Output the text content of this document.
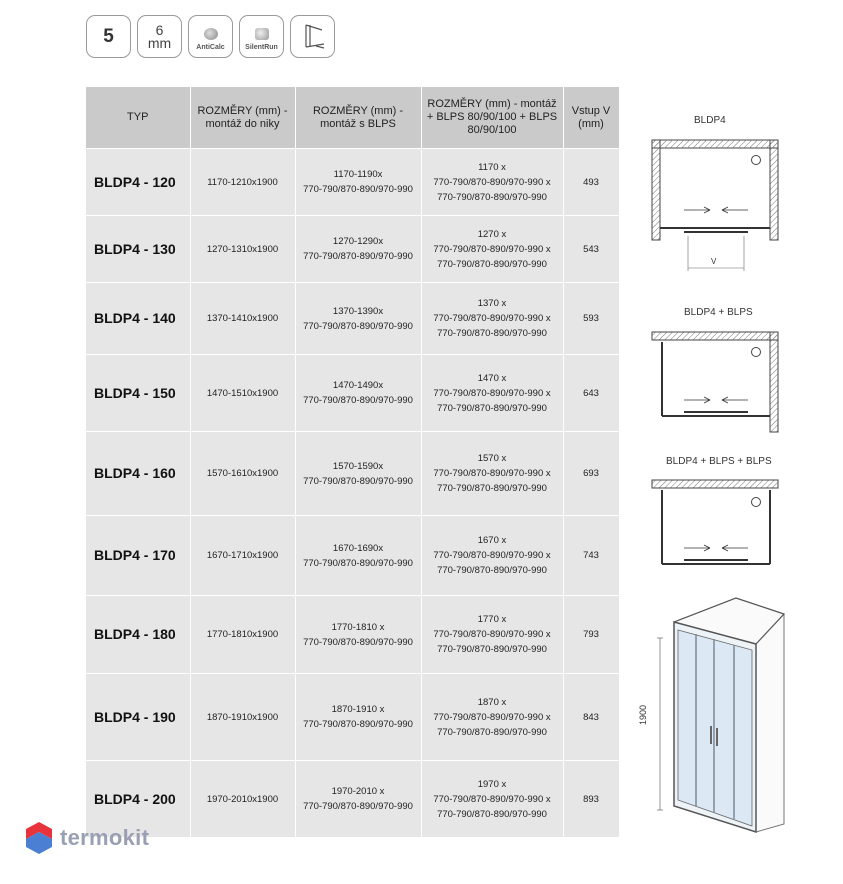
5	6
mm	AntiCalc	SilentRun
TYP	ROZMĚRY (mm) - montáž do niky	ROZMĚRY (mm) - montáž s BLPS	ROZMĚRY (mm) - montáž + BLPS 80/90/100 + BLPS 80/90/100	Vstup V (mm)
BLDP4 - 120	1170-1210x1900	1170-1190x
770-790/870-890/970-990	1170 x
770-790/870-890/970-990 x
770-790/870-890/970-990	493
BLDP4 - 130	1270-1310x1900	1270-1290x
770-790/870-890/970-990	1270 x
770-790/870-890/970-990 x
770-790/870-890/970-990	543
BLDP4 - 140	1370-1410x1900	1370-1390x
770-790/870-890/970-990	1370 x
770-790/870-890/970-990 x
770-790/870-890/970-990	593
BLDP4 - 150	1470-1510x1900	1470-1490x
770-790/870-890/970-990	1470 x
770-790/870-890/970-990 x
770-790/870-890/970-990	643
BLDP4 - 160	1570-1610x1900	1570-1590x
770-790/870-890/970-990	1570 x
770-790/870-890/970-990 x
770-790/870-890/970-990	693
BLDP4 - 170	1670-1710x1900	1670-1690x
770-790/870-890/970-990	1670 x
770-790/870-890/970-990 x
770-790/870-890/970-990	743
BLDP4 - 180	1770-1810x1900	1770-1810 x
770-790/870-890/970-990	1770 x
770-790/870-890/970-990 x
770-790/870-890/970-990	793
BLDP4 - 190	1870-1910x1900	1870-1910 x
770-790/870-890/970-990	1870 x
770-790/870-890/970-990 x
770-790/870-890/970-990	843
BLDP4 - 200	1970-2010x1900	1970-2010 x
770-790/870-890/970-990	1970 x
770-790/870-890/970-990 x
770-790/870-890/970-990	893
BLDP4
V
BLDP4 + BLPS
BLDP4 + BLPS + BLPS
1900
termokit
